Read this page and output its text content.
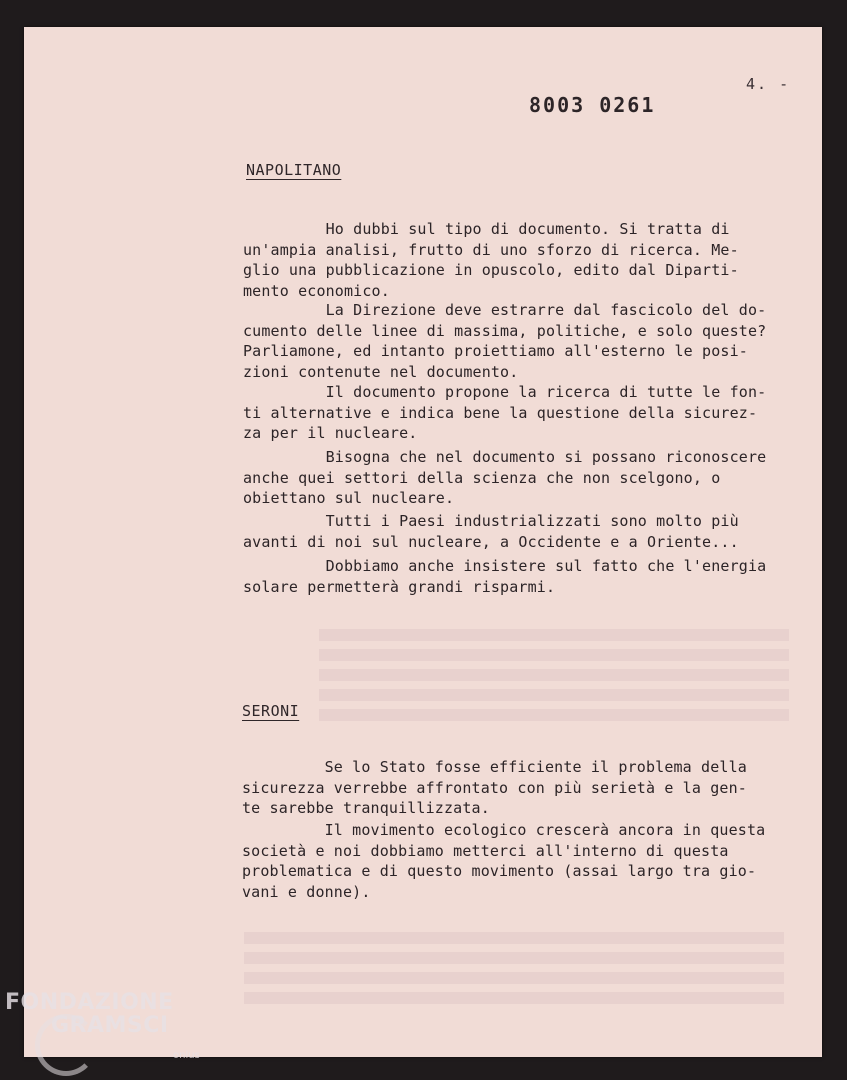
4. -
8003 0261
NAPOLITANO
Ho dubbi sul tipo di documento. Si tratta di
un'ampia analisi, frutto di uno sforzo di ricerca. Me-
glio una pubblicazione in opuscolo, edito dal Diparti-
mento economico.
La Direzione deve estrarre dal fascicolo del do-
cumento delle linee di massima, politiche, e solo queste?
Parliamone, ed intanto proiettiamo all'esterno le posi-
zioni contenute nel documento.
Il documento propone la ricerca di tutte le fon-
ti alternative e indica bene la questione della sicurez-
za per il nucleare.
Bisogna che nel documento si possano riconoscere
anche quei settori della scienza che non scelgono, o
obiettano sul nucleare.
Tutti i Paesi industrializzati sono molto più
avanti di noi sul nucleare, a Occidente e a Oriente...
Dobbiamo anche insistere sul fatto che l'energia
solare permetterà grandi risparmi.
SERONI
Se lo Stato fosse efficiente il problema della
sicurezza verrebbe affrontato con più serietà e la gen-
te sarebbe tranquillizzata.
Il movimento ecologico crescerà ancora in questa
società e noi dobbiamo metterci all'interno di questa
problematica e di questo movimento (assai largo tra gio-
vani e donne).
FONDAZIONE
GRAMSCI
onlus
